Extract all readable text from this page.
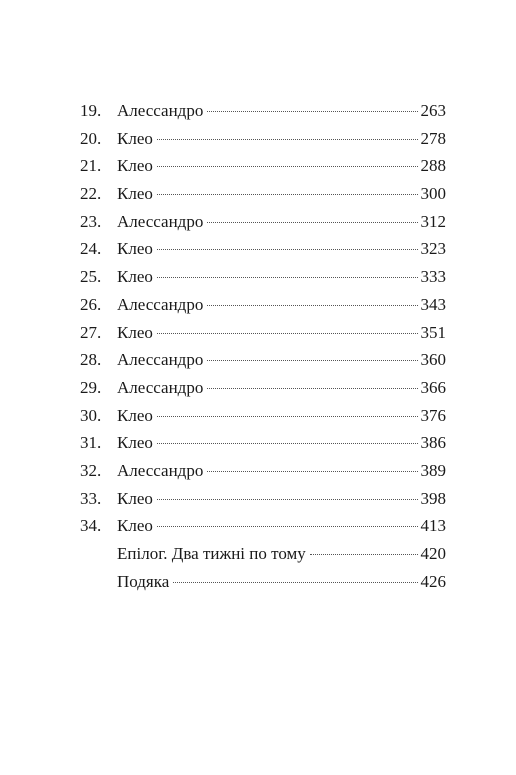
19. Алессандро	263
20. Клео	278
21. Клео	288
22. Клео	300
23. Алессандро	312
24. Клео	323
25. Клео	333
26. Алессандро	343
27. Клео	351
28. Алессандро	360
29. Алессандро	366
30. Клео	376
31. Клео	386
32. Алессандро	389
33. Клео	398
34. Клео	413
Епілог. Два тижні по тому	420
Подяка	426
